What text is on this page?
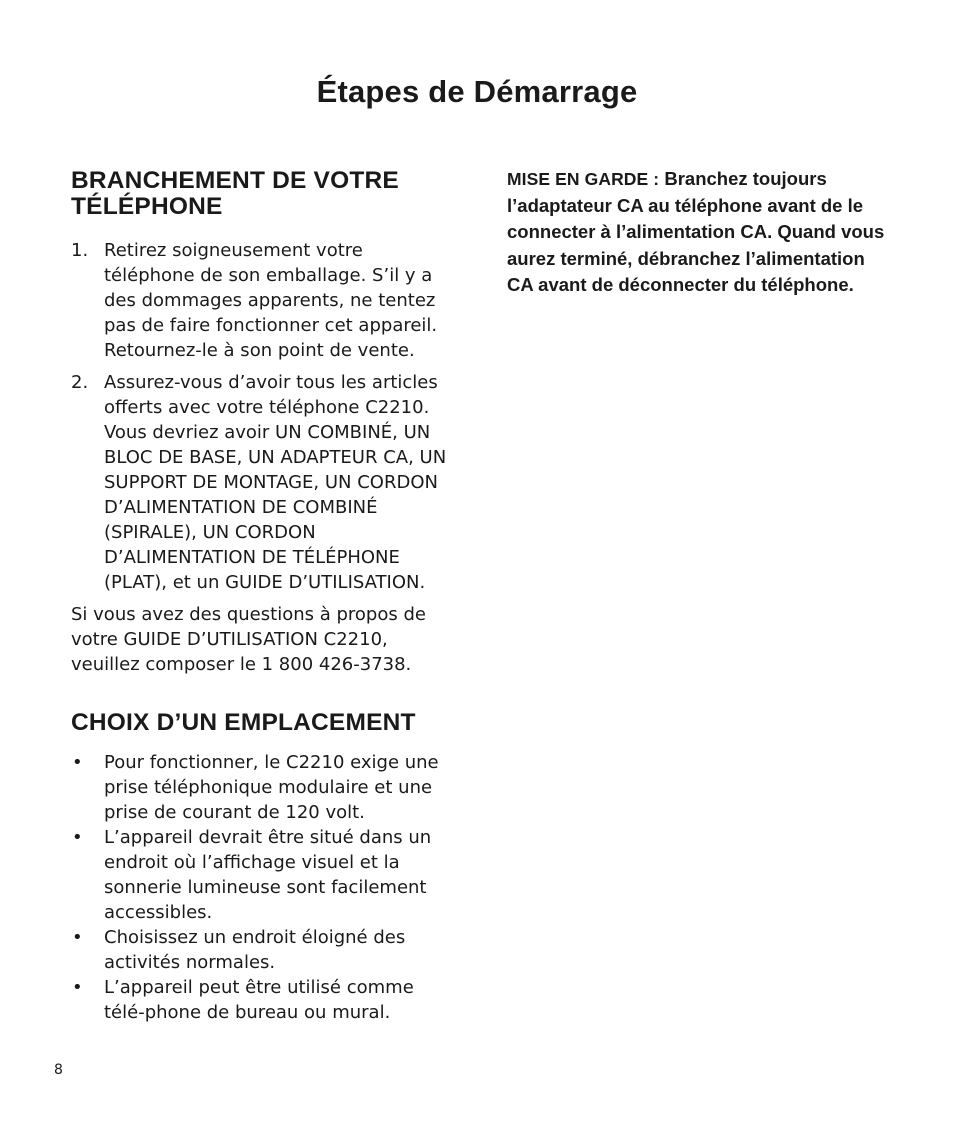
Étapes de Démarrage
BRANCHEMENT DE VOTRE TÉLÉPHONE
1. Retirez soigneusement votre téléphone de son emballage. S’il y a des dommages apparents, ne tentez pas de faire fonctionner cet appareil. Retournez-le à son point de vente.
2. Assurez-vous d’avoir tous les articles offerts avec votre téléphone C2210. Vous devriez avoir UN COMBINÉ, UN BLOC DE BASE, UN ADAPTEUR CA, UN SUPPORT DE MONTAGE, UN CORDON D’ALIMENTATION DE COMBINÉ (SPIRALE), UN CORDON D’ALIMENTATION DE TÉLÉPHONE (PLAT), et un GUIDE D’UTILISATION.

Si vous avez des questions à propos de votre GUIDE D’UTILISATION C2210, veuillez composer le 1 800 426-3738.

CHOIX D’UN EMPLACEMENT
• Pour fonctionner, le C2210 exige une prise téléphonique modulaire et une prise de courant de 120 volt.
• L’appareil devrait être situé dans un endroit où l’affichage visuel et la sonnerie lumineuse sont facilement accessibles.
• Choisissez un endroit éloigné des activités normales.
• L’appareil peut être utilisé comme télé-phone de bureau ou mural.

MISE EN GARDE : Branchez toujours l’adaptateur CA au téléphone avant de le connecter à l’alimentation CA. Quand vous aurez terminé, débranchez l’alimentation CA avant de déconnecter du téléphone.

8
